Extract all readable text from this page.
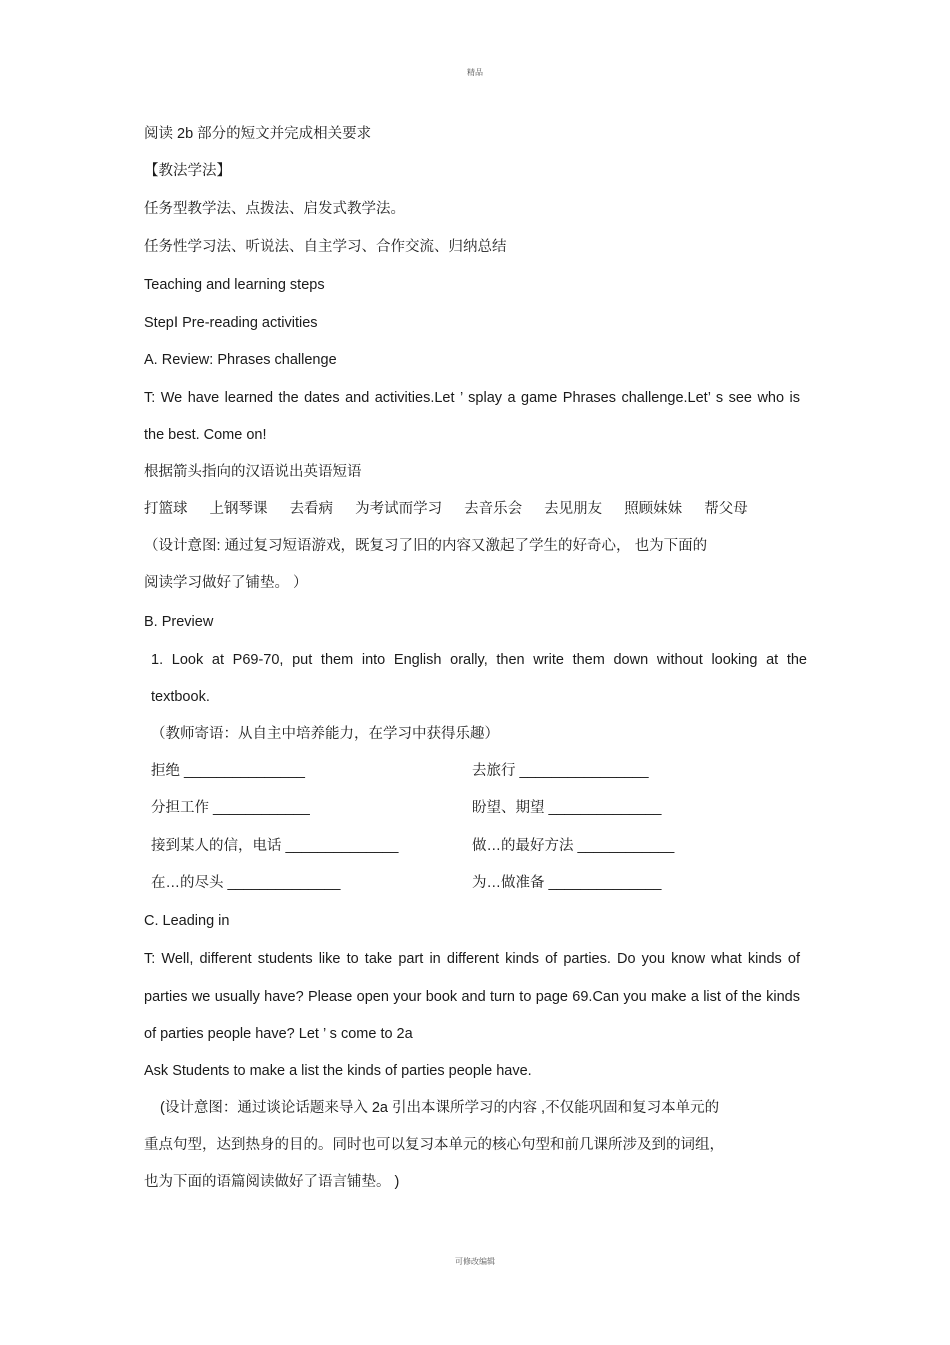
精品
阅读 2b 部分的短文并完成相关要求
【教法学法】
任务型教学法、点拨法、启发式教学法。
任务性学习法、听说法、自主学习、合作交流、归纳总结
Teaching and learning steps
StepⅠ Pre-reading activities
A. Review: Phrases challenge
T: We have learned the dates and activities.Let ’ splay a game Phrases challenge.Let’ s see who is
the best. Come on!
根据箭头指向的汉语说出英语短语
打篮球 上钢琴课 去看病 为考试而学习 去音乐会 去见朋友 照顾妹妹 帮父母
（设计意图: 通过复习短语游戏，既复习了旧的内容又激起了学生的好奇心， 也为下面的
阅读学习做好了铺垫。 ）
B. Preview
1. Look at P69-70, put them into English orally, then write them down without looking at the
textbook.
（教师寄语：从自主中培养能力，在学习中获得乐趣）
拒绝 _______________	去旅行 ________________
分担工作 ____________	盼望、期望 ______________
接到某人的信，电话 ______________	做…的最好方法 ____________
在…的尽头 ______________	为…做准备 ______________
C. Leading in
T: Well, different students like to take part in different kinds of parties. Do you know what kinds of
parties we usually have? Please open your book and turn to page 69.Can you make a list of the kinds
of parties people have? Let ’ s come to 2a
Ask Students to make a list the kinds of parties people have.
(设计意图：通过谈论话题来导入 2a 引出本课所学习的内容 ,不仅能巩固和复习本单元的
重点句型，达到热身的目的。同时也可以复习本单元的核心句型和前几课所涉及到的词组，
也为下面的语篇阅读做好了语言铺垫。 )
可修改编辑
